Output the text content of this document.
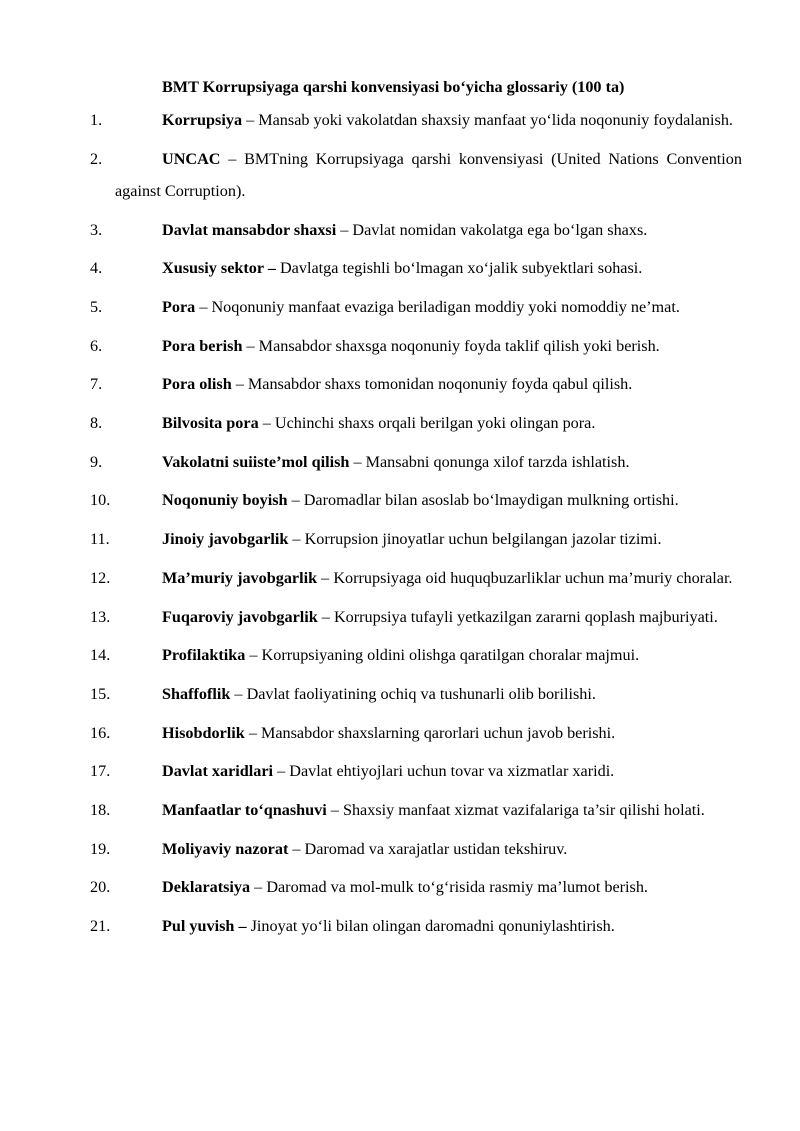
BMT Korrupsiyaga qarshi konvensiyasi bo‘yicha glossariy (100 ta)
1.	Korrupsiya – Mansab yoki vakolatdan shaxsiy manfaat yo‘lida noqonuniy foydalanish.
2.	UNCAC – BMTning Korrupsiyaga qarshi konvensiyasi (United Nations Convention against Corruption).
3.	Davlat mansabdor shaxsi – Davlat nomidan vakolatga ega bo‘lgan shaxs.
4.	Xususiy sektor – Davlatga tegishli bo‘lmagan xo‘jalik subyektlari sohasi.
5.	Pora – Noqonuniy manfaat evaziga beriladigan moddiy yoki nomoddiy ne’mat.
6.	Pora berish – Mansabdor shaxsga noqonuniy foyda taklif qilish yoki berish.
7.	Pora olish – Mansabdor shaxs tomonidan noqonuniy foyda qabul qilish.
8.	Bilvosita pora – Uchinchi shaxs orqali berilgan yoki olingan pora.
9.	Vakolatni suiiste’mol qilish – Mansabni qonunga xilof tarzda ishlatish.
10.	Noqonuniy boyish – Daromadlar bilan asoslab bo‘lmaydigan mulkning ortishi.
11.	Jinoiy javobgarlik – Korrupsion jinoyatlar uchun belgilangan jazolar tizimi.
12.	Ma’muriy javobgarlik – Korrupsiyaga oid huquqbuzarliklar uchun ma’muriy choralar.
13.	Fuqaroviy javobgarlik – Korrupsiya tufayli yetkazilgan zararni qoplash majburiyati.
14.	Profilaktika – Korrupsiyaning oldini olishga qaratilgan choralar majmui.
15.	Shaffoflik – Davlat faoliyatining ochiq va tushunarli olib borilishi.
16.	Hisobdorlik – Mansabdor shaxslarning qarorlari uchun javob berishi.
17.	Davlat xaridlari – Davlat ehtiyojlari uchun tovar va xizmatlar xaridi.
18.	Manfaatlar to‘qnashuvi – Shaxsiy manfaat xizmat vazifalariga ta’sir qilishi holati.
19.	Moliyaviy nazorat – Daromad va xarajatlar ustidan tekshiruv.
20.	Deklaratsiya – Daromad va mol-mulk to‘g‘risida rasmiy ma’lumot berish.
21.	Pul yuvish – Jinoyat yo‘li bilan olingan daromadni qonuniylashtirish.
